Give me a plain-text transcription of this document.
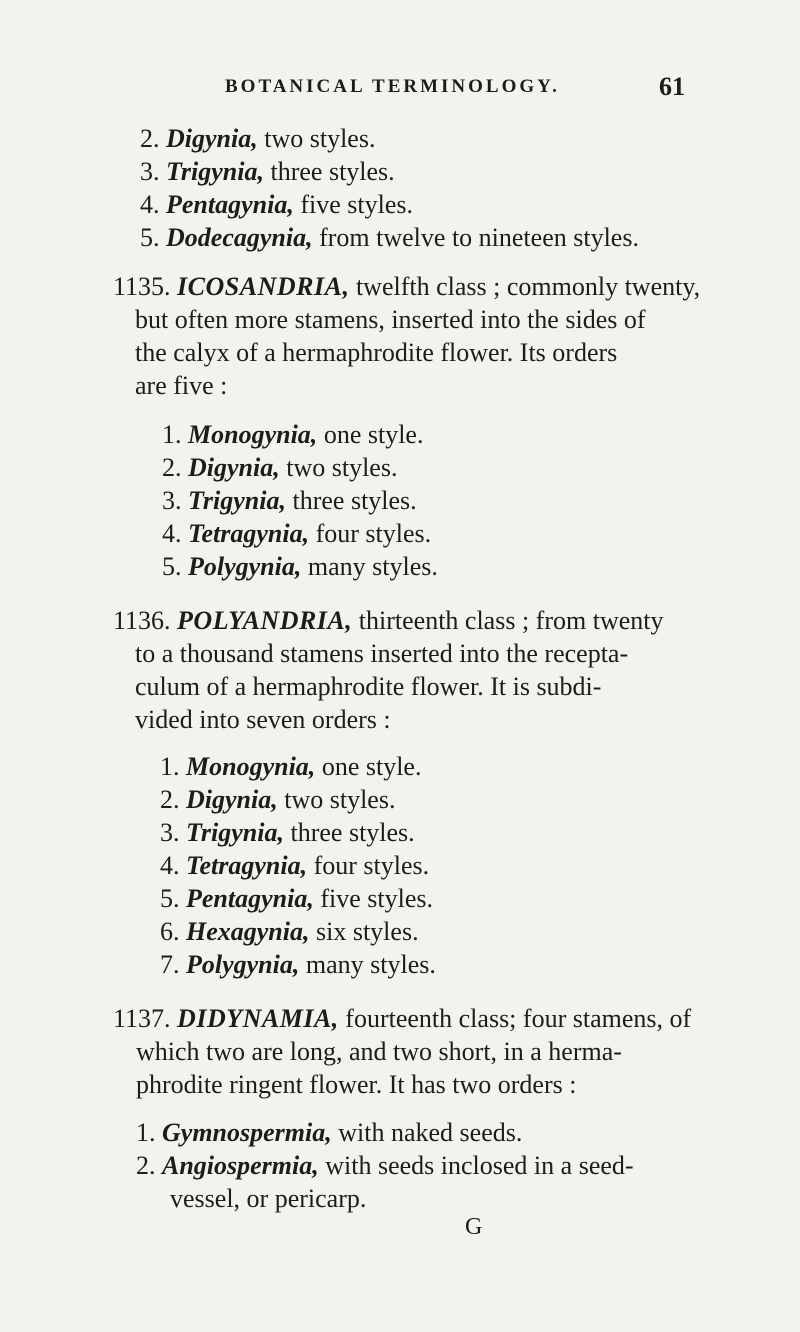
BOTANICAL TERMINOLOGY.	61
2. Digynia, two styles.
3. Trigynia, three styles.
4. Pentagynia, five styles.
5. Dodecagynia, from twelve to nineteen styles.
1135. ICOSANDRIA, twelfth class ; commonly twenty,
but often more stamens, inserted into the sides of
the calyx of a hermaphrodite flower. Its orders
are five :
1. Monogynia, one style.
2. Digynia, two styles.
3. Trigynia, three styles.
4. Tetragynia, four styles.
5. Polygynia, many styles.
1136. POLYANDRIA, thirteenth class ; from twenty
to a thousand stamens inserted into the recepta-
culum of a hermaphrodite flower. It is subdi-
vided into seven orders :
1. Monogynia, one style.
2. Digynia, two styles.
3. Trigynia, three styles.
4. Tetragynia, four styles.
5. Pentagynia, five styles.
6. Hexagynia, six styles.
7. Polygynia, many styles.
1137. DIDYNAMIA, fourteenth class; four stamens, of
which two are long, and two short, in a herma-
phrodite ringent flower. It has two orders :
1. Gymnospermia, with naked seeds.
2. Angiospermia, with seeds inclosed in a seed-
vessel, or pericarp.
G
